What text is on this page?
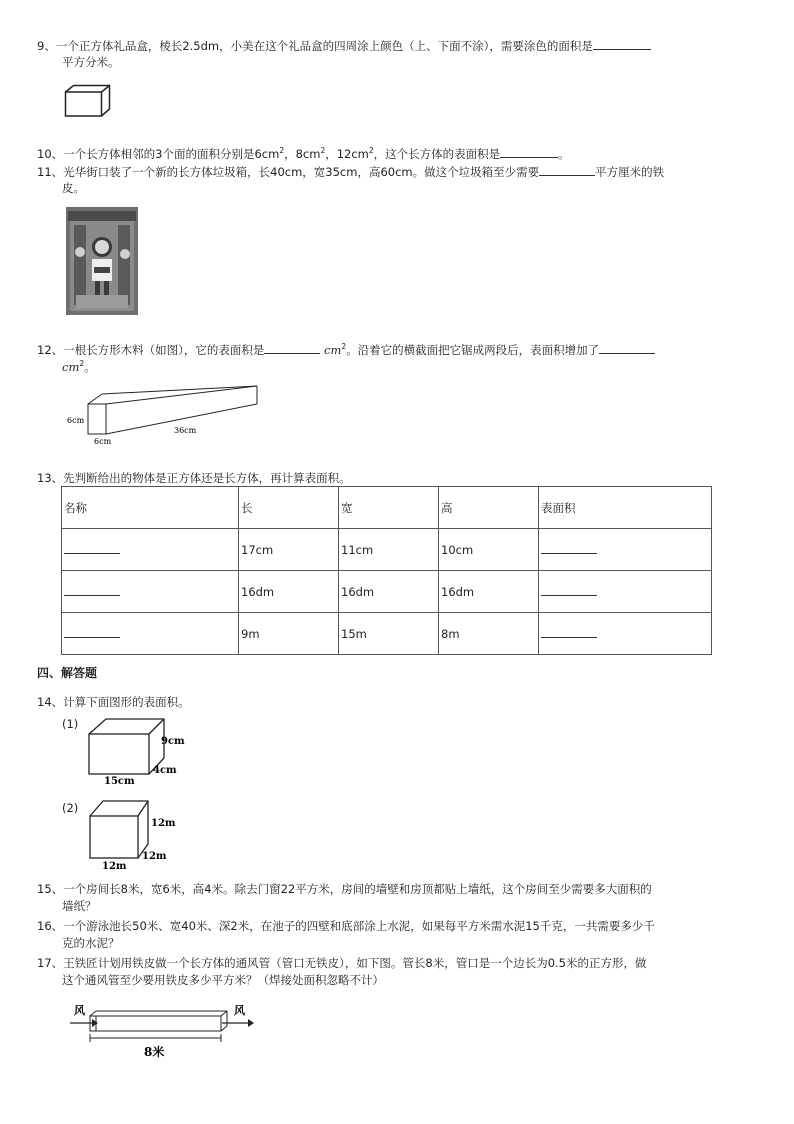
9、一个正方体礼品盒，棱长2.5dm，小美在这个礼品盒的四周涂上颜色（上、下面不涂），需要涂色的面积是
平方分米。
10、一个长方体相邻的3个面的面积分别是$6cm^2$，$8cm^2$，$12cm^2$，这个长方体的表面积是	。
11、光华街口装了一个新的长方体垃圾箱，长40cm，宽35cm，高60cm。做这个垃圾箱至少需要	平方厘米的铁
皮。
12、一根长方形木料（如图），它的表面积是	$cm^2$。沿着它的横截面把它锯成两段后，表面积增加了
$cm^2$。
6cm
6cm
36cm
13、先判断给出的物体是正方体还是长方体，再计算表面积。
名称	长	宽	高	表面积
	17cm	11cm	10cm	
	16dm	16dm	16dm	
	9m	15m	8m	
四、解答题
14、计算下面图形的表面积。
(1)
9cm
4cm
15cm
(2)
12m
12m
12m
15、一个房间长8米，宽6米，高4米。除去门窗22平方米，房间的墙壁和房顶都贴上墙纸，这个房间至少需要多大面积的
墙纸？
16、一个游泳池长50米、宽40米、深2米，在池子的四壁和底部涂上水泥，如果每平方米需水泥15千克，一共需要多少千
克的水泥？
17、王铁匠计划用铁皮做一个长方体的通风管（管口无铁皮），如下图。管长8米，管口是一个边长为0.5米的正方形，做
这个通风管至少要用铁皮多少平方米？（焊接处面积忽略不计）
风	风
8米
